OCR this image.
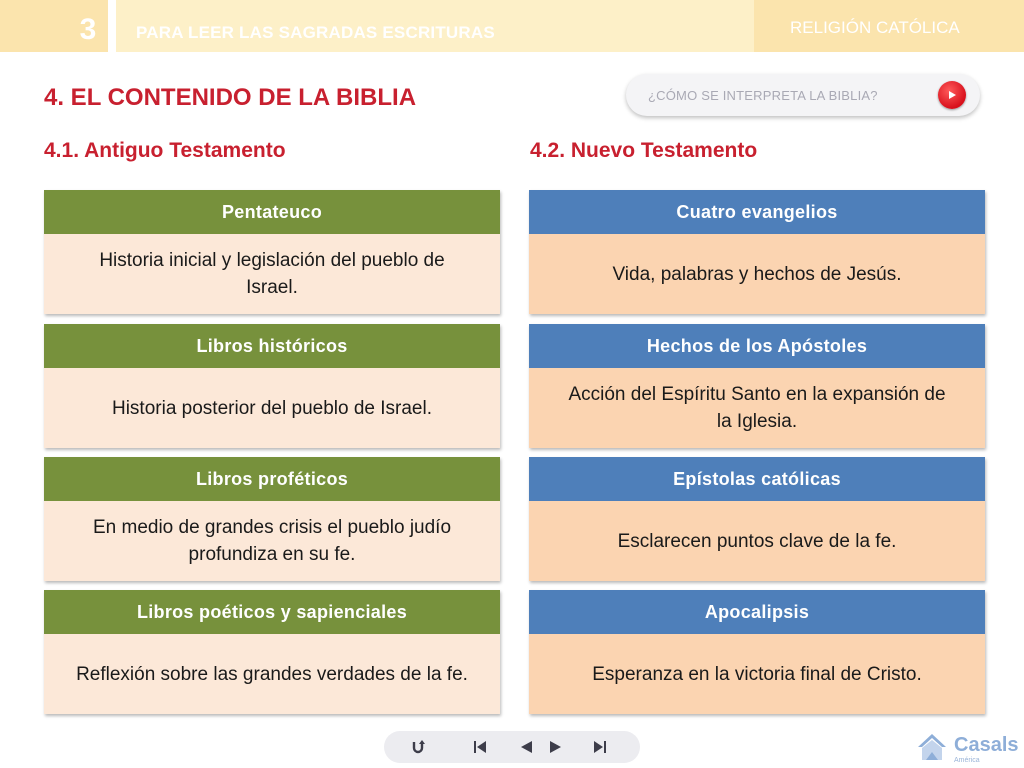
3 PARA LEER LAS SAGRADAS ESCRITURAS	RELIGIÓN CATÓLICA
4. EL CONTENIDO DE LA BIBLIA	¿CÓMO SE INTERPRETA LA BIBLIA?
4.1. Antiguo Testamento	4.2. Nuevo Testamento
Pentateuco
Historia inicial y legislación del pueblo de Israel.
Libros históricos
Historia posterior del pueblo de Israel.
Libros proféticos
En medio de grandes crisis el pueblo judío profundiza en su fe.
Libros poéticos y sapienciales
Reflexión sobre las grandes verdades de la fe.
Cuatro evangelios
Vida, palabras y hechos de Jesús.
Hechos de los Apóstoles
Acción del Espíritu Santo en la expansión de la Iglesia.
Epístolas católicas
Esclarecen puntos clave de la fe.
Apocalipsis
Esperanza en la victoria final de Cristo.
Casals
América
